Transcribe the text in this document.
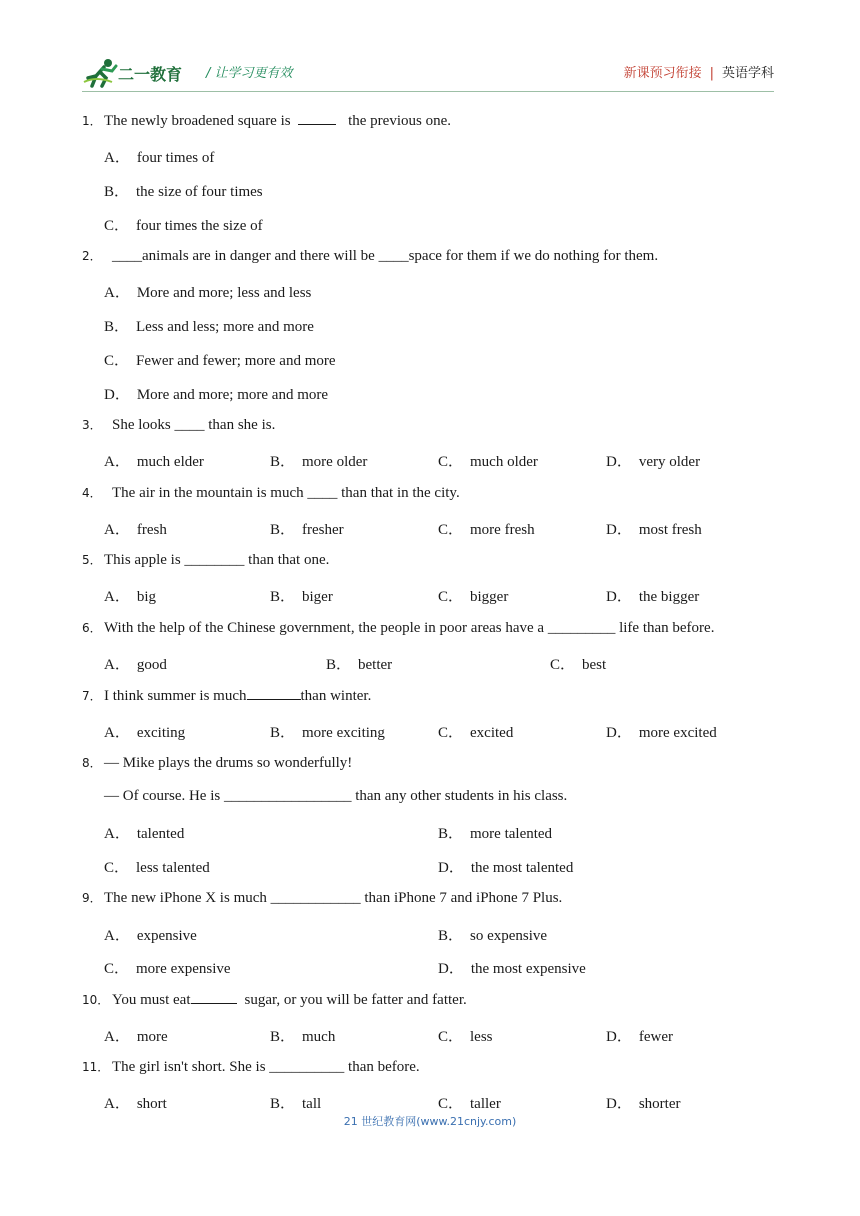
二一教育 / 让学习更有效	新课预习衔接 | 英语学科
1． The newly broadened square is	the previous one.
A． four times of
B． the size of four times
C． four times the size of
2． ____animals are in danger and there will be ____space for them if we do nothing for them.
A． More and more; less and less
B． Less and less; more and more
C． Fewer and fewer; more and more
D． More and more; more and more
3． She looks ____ than she is.
A． much elder	B． more older	C． much older	D． very older
4． The air in the mountain is much ____ than that in the city.
A． fresh	B． fresher	C． more fresh	D． most fresh
5． This apple is ________ than that one.
A． big	B． biger	C． bigger	D． the bigger
6． With the help of the Chinese government, the people in poor areas have a _________ life than before.
A． good	B． better	C． best
7． I think summer is much	than winter.
A． exciting	B． more exciting	C． excited	D． more excited
8． — Mike plays the drums so wonderfully!
— Of course. He is _________________ than any other students in his class.
A． talented	B． more talented
C． less talented	D． the most talented
9． The new iPhone X is much ____________ than iPhone 7 and iPhone 7 Plus.
A． expensive	B． so expensive
C． more expensive	D． the most expensive
10． You must eat	sugar, or you will be fatter and fatter.
A． more	B． much	C． less	D． fewer
11． The girl isn't short. She is __________ than before.
A． short	B． tall	C． taller	D． shorter
21 世纪教育网(www.21cnjy.com)
